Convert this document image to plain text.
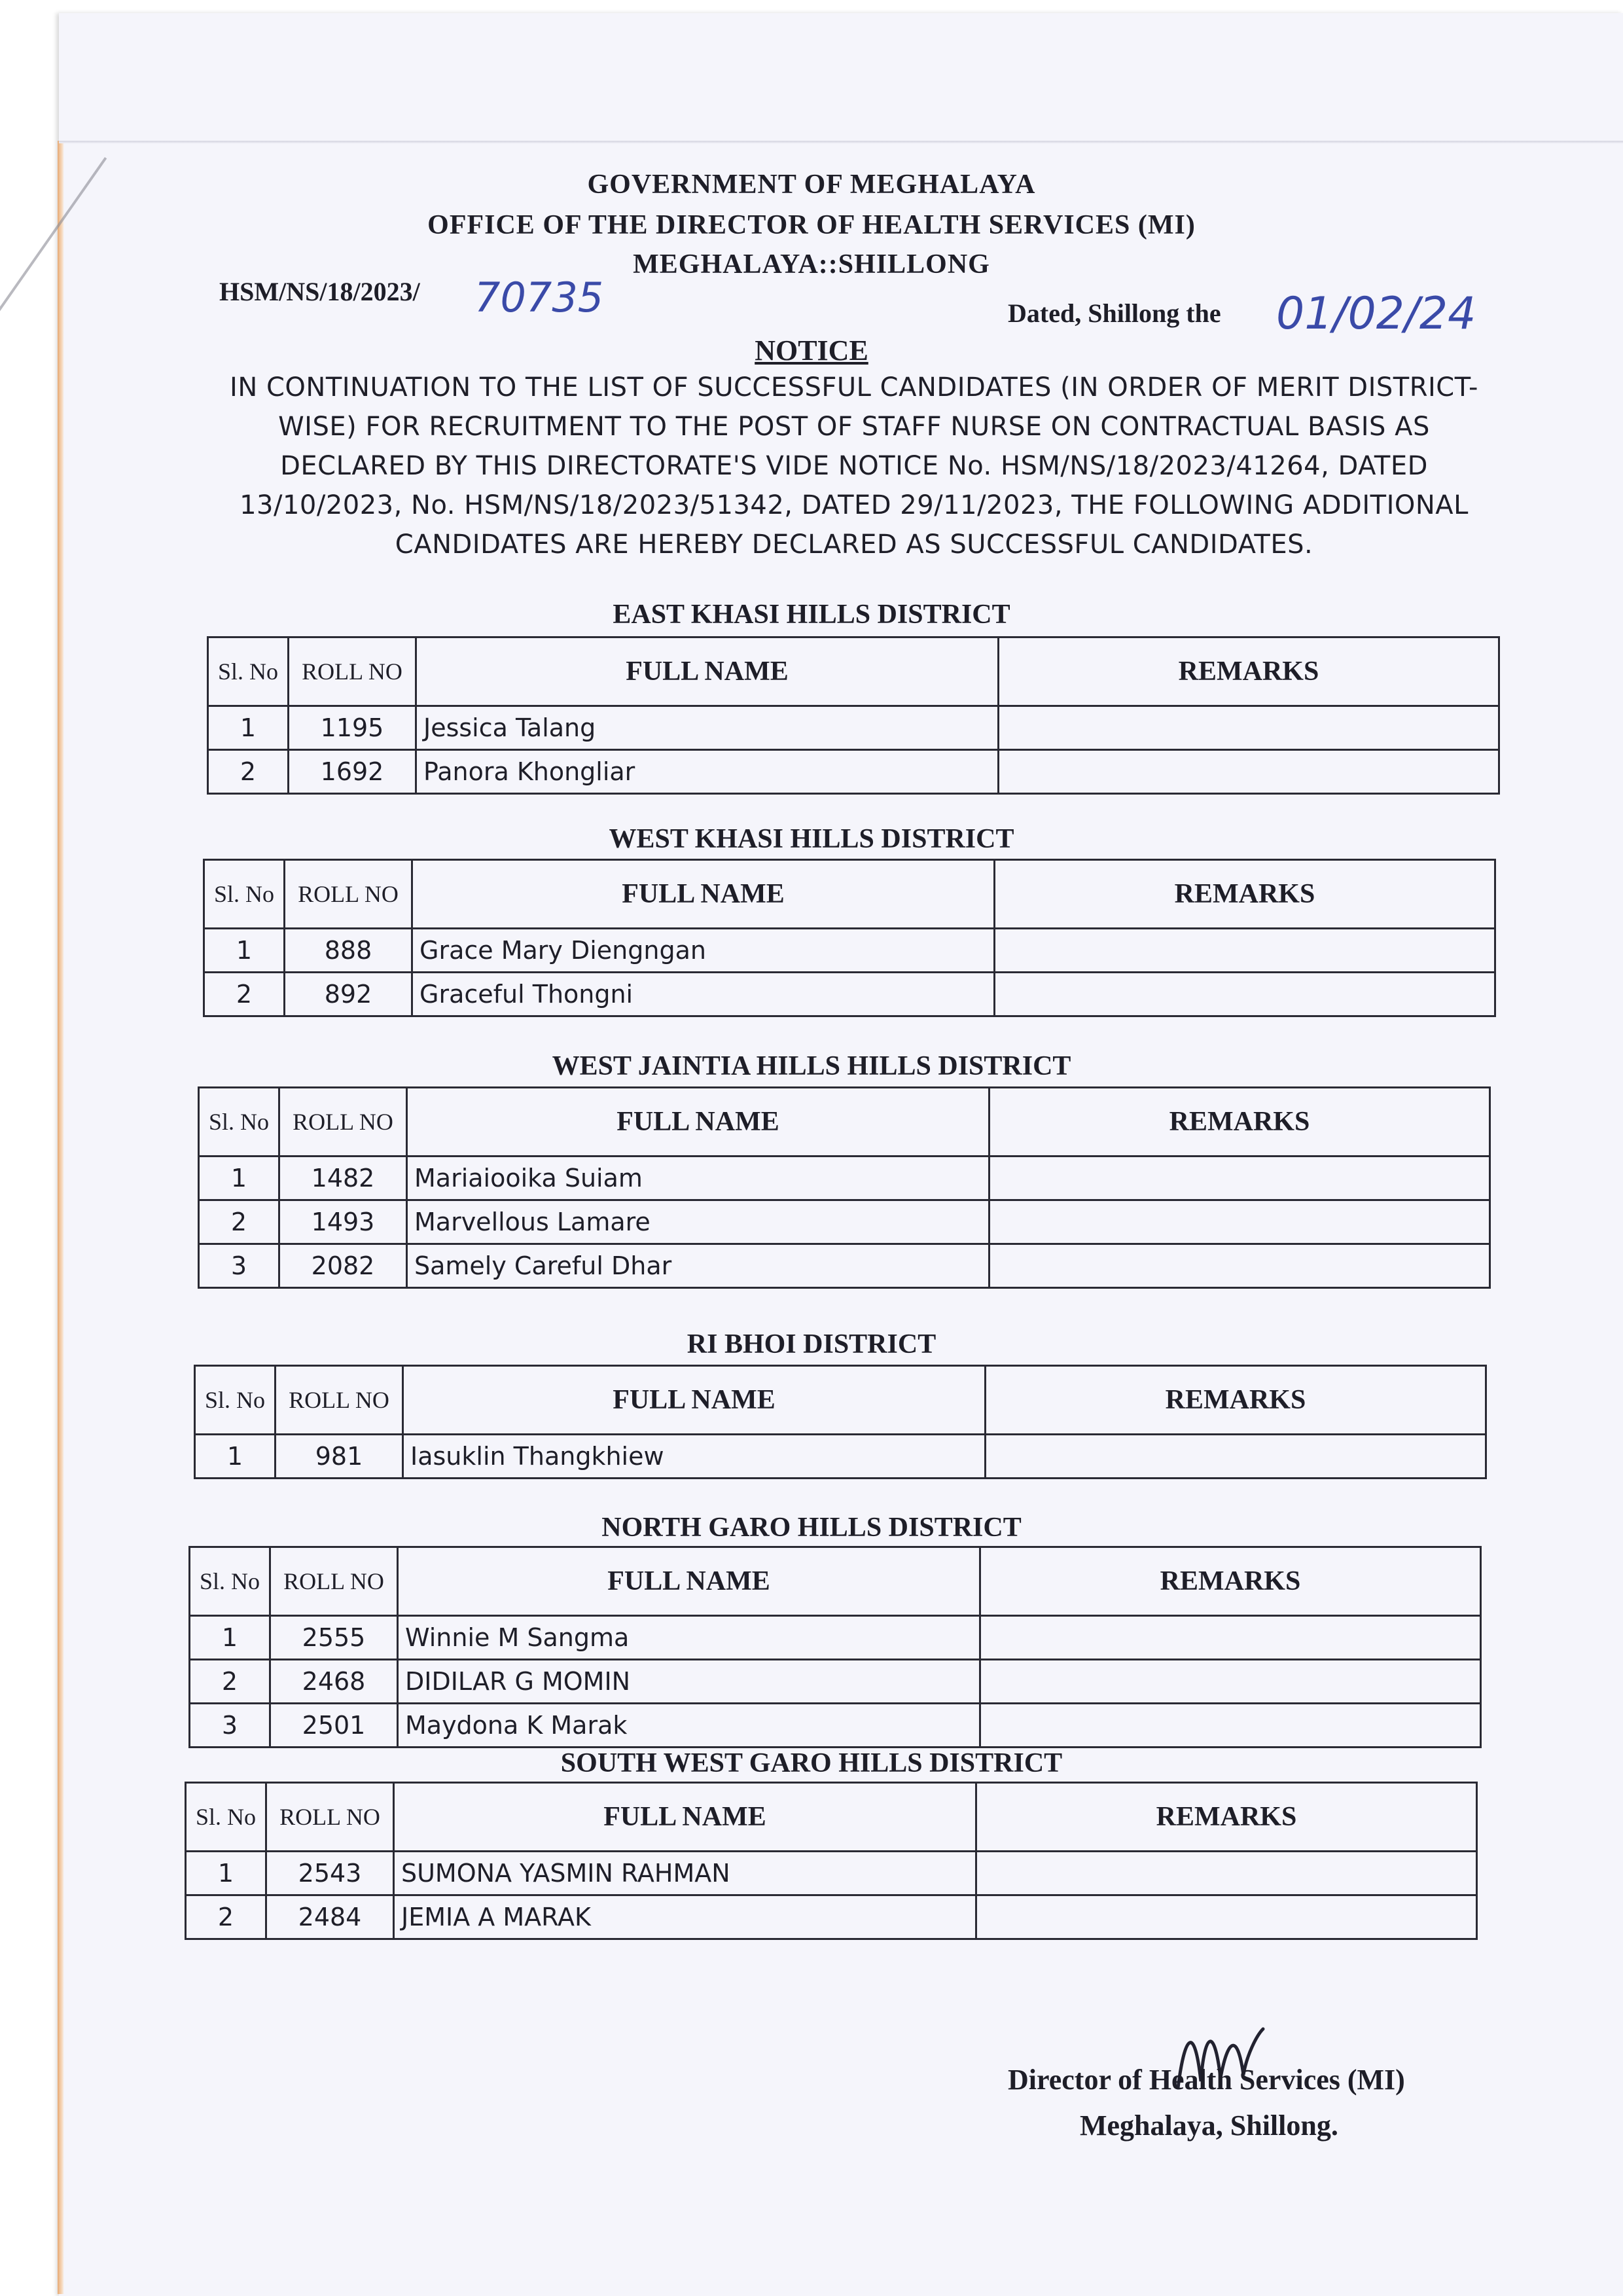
GOVERNMENT OF MEGHALAYA
OFFICE OF THE DIRECTOR OF HEALTH SERVICES (MI)
MEGHALAYA::SHILLONG
HSM/NS/18/2023/ 70735	Dated, Shillong the 01/02/24
NOTICE
IN CONTINUATION TO THE LIST OF SUCCESSFUL CANDIDATES (IN ORDER OF MERIT DISTRICT-WISE) FOR RECRUITMENT TO THE POST OF STAFF NURSE ON CONTRACTUAL BASIS AS DECLARED BY THIS DIRECTORATE'S VIDE NOTICE No. HSM/NS/18/2023/41264, DATED 13/10/2023, No. HSM/NS/18/2023/51342, DATED 29/11/2023, THE FOLLOWING ADDITIONAL CANDIDATES ARE HEREBY DECLARED AS SUCCESSFUL CANDIDATES.
EAST KHASI HILLS DISTRICT
Sl. No	ROLL NO	FULL NAME	REMARKS
1	1195	Jessica Talang	
2	1692	Panora Khongliar	
WEST KHASI HILLS DISTRICT
Sl. No	ROLL NO	FULL NAME	REMARKS
1	888	Grace Mary Diengngan	
2	892	Graceful Thongni	
WEST JAINTIA HILLS HILLS DISTRICT
Sl. No	ROLL NO	FULL NAME	REMARKS
1	1482	Mariaiooika Suiam	
2	1493	Marvellous Lamare	
3	2082	Samely Careful Dhar	
RI BHOI DISTRICT
Sl. No	ROLL NO	FULL NAME	REMARKS
1	981	Iasuklin Thangkhiew	
NORTH GARO HILLS DISTRICT
Sl. No	ROLL NO	FULL NAME	REMARKS
1	2555	Winnie M Sangma	
2	2468	DIDILAR G MOMIN	
3	2501	Maydona K Marak	
SOUTH WEST GARO HILLS DISTRICT
Sl. No	ROLL NO	FULL NAME	REMARKS
1	2543	SUMONA YASMIN RAHMAN	
2	2484	JEMIA A MARAK	
Director of Health Services (MI)
Meghalaya, Shillong.
